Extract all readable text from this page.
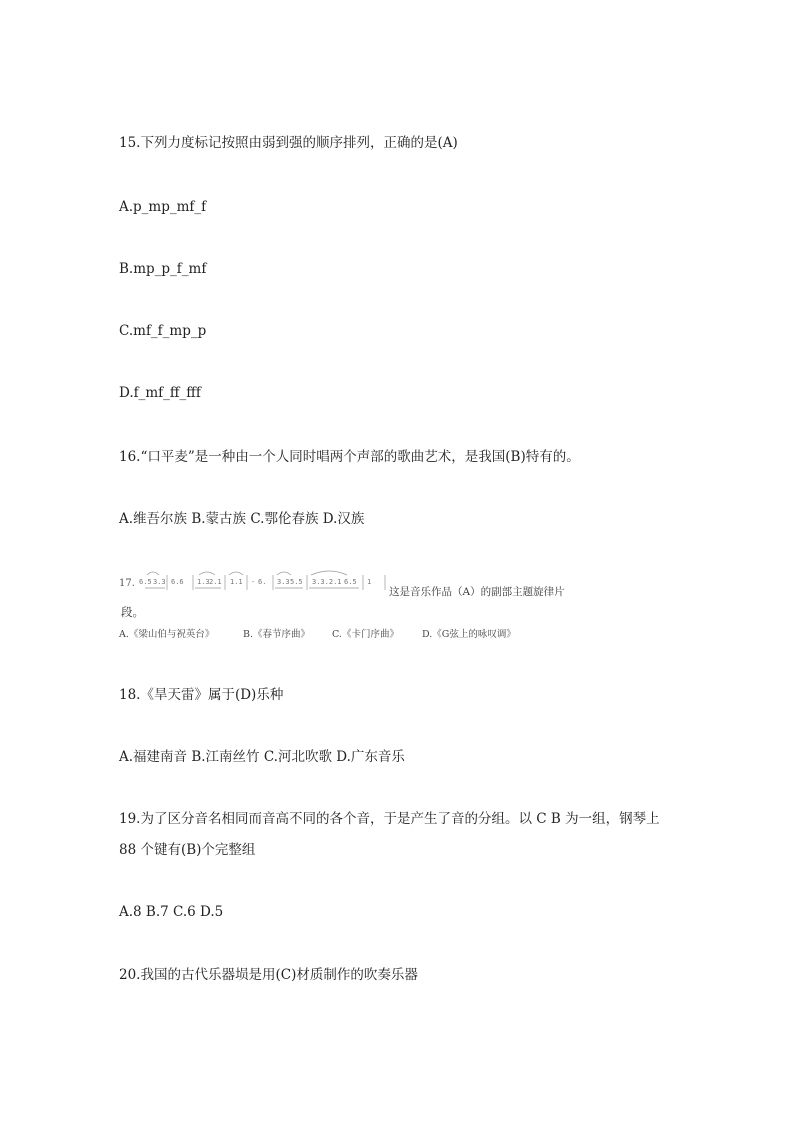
15.下列力度标记按照由弱到强的顺序排列，正确的是(A)

A.p_mp_mf_f

B.mp_p_f_mf

C.mf_f_mp_p

D.f_mf_ff_fff

16.“口平麦”是一种由一个人同时唱两个声部的歌曲艺术，是我国(B)特有的。

A.维吾尔族 B.蒙古族 C.鄂伦春族 D.汉族

17. 6.5 3.3 6.6 1.3 2.1 1.1 - 6. 3.3 5.5 3.3.2.1 6.5 1
这是音乐作品（A）的副部主题旋律片
段。
A.《梁山伯与祝英台》	B.《春节序曲》 C.《卡门序曲》 D.《G弦上的咏叹调》

18.《旱天雷》属于(D)乐种

A.福建南音 B.江南丝竹 C.河北吹歌 D.广东音乐

19.为了区分音名相同而音高不同的各个音，于是产生了音的分组。以 C B 为一组，钢琴上

88 个键有(B)个完整组

A.8 B.7 C.6 D.5

20.我国的古代乐器埙是用(C)材质制作的吹奏乐器
